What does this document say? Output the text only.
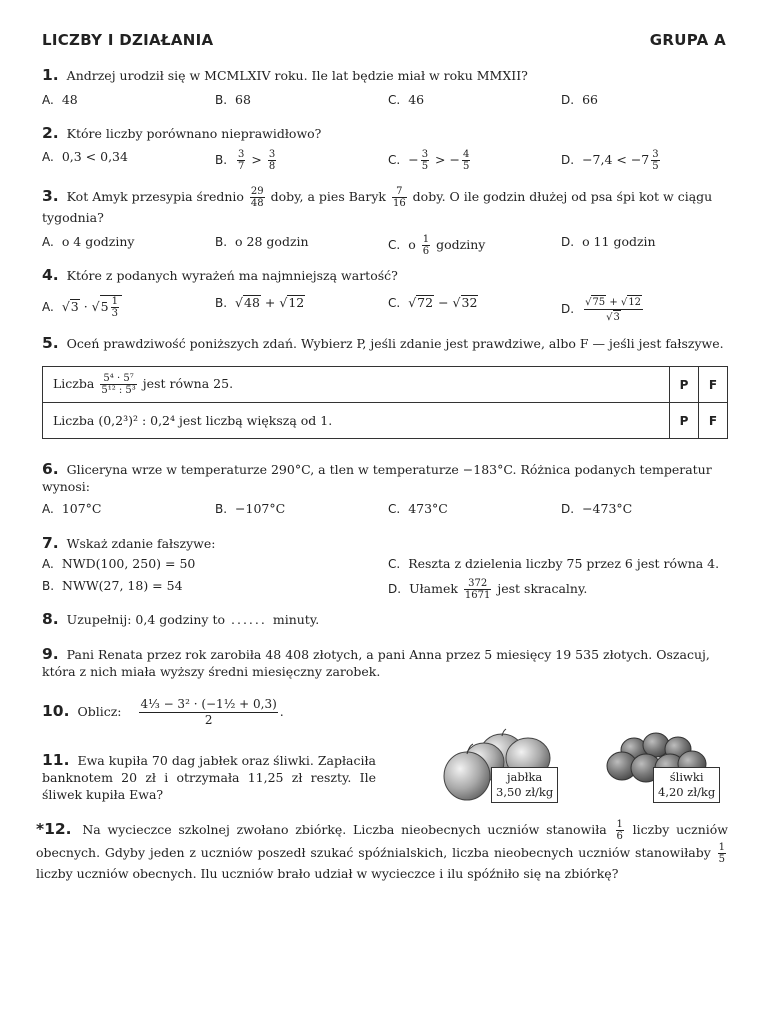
LICZBY I DZIAŁANIA	GRUPA A
1. Andrzej urodził się w MCMLXIV roku. Ile lat będzie miał w roku MMXII?
A. 48	B. 68	C. 46	D. 66
2. Które liczby porównano nieprawidłowo?
A. 0,3 < 0,34	B. $\frac{3}{7} > \frac{3}{8}$	C. − $\frac{3}{5}$ > − $\frac{4}{5}$	D. $-7,4 < -7 \frac{3}{5}$
3. Kot Amyk przesypia średnio $\frac{29}{48}$ doby, a pies Baryk $\frac{7}{16}$ doby. O ile godzin dłużej od psa śpi kot w ciągu tygodnia?
A. o 4 godziny	B. o 28 godzin	C. o $\frac{1}{6}$ godziny	D. o 11 godzin
4. Które z podanych wyrażeń ma najmniejszą wartość?
A. $√3 \cdot √5 \frac{1}{3}$	B. √48 + √12	C. √72 − √32	D. $\frac{√75 + √12}{√3}$
5. Oceń prawdziwość poniższych zdań. Wybierz P, jeśli zdanie jest prawdziwe, albo F — jeśli jest fałszywe.
Liczba $\frac{\text{5⁴ · 5⁷}}{\text{5¹² : 5³}}$ jest równa 25.	P	F
Liczba (0,2³)² : 0,2⁴ jest liczbą większą od 1.	P	F
6. Gliceryna wrze w temperaturze 290°C, a tlen w temperaturze −183°C. Różnica podanych temperatur wynosi:
A. 107°C	B. −107°C	C. 473°C	D. −473°C
7. Wskaż zdanie fałszywe:
A. NWD(100, 250) = 50	C. Reszta z dzielenia liczby 75 przez 6 jest równa 4.
B. NWW(27, 18) = 54	D. Ułamek $\frac{372}{1671}$ jest skracalny.
8. Uzupełnij: 0,4 godziny to ...... minuty.
9. Pani Renata przez rok zarobiła 48 408 złotych, a pani Anna przez 5 miesięcy 19 535 złotych. Oszacuj, która z nich miała wyższy średni miesięczny zarobek.
10. Oblicz: $\frac{\text{4⅓ − 3² · (−1½ + 0,3)}}{2}$ .
11. Ewa kupiła 70 dag jabłek oraz śliwki. Zapłaciła banknotem 20 zł i otrzymała 11,25 zł reszty. Ile śliwek kupiła Ewa?
jabłka
3,50 zł/kg
śliwki
4,20 zł/kg
*12. Na wycieczce szkolnej zwołano zbiórkę. Liczba nieobecnych uczniów stanowiła $\frac{1}{6}$ liczby uczniów obecnych. Gdyby jeden z uczniów poszedł szukać spóźnialskich, liczba nieobecnych uczniów stanowiłaby $\frac{1}{5}$
liczby uczniów obecnych. Ilu uczniów brało udział w wycieczce i ilu spóźniło się na zbiórkę?
